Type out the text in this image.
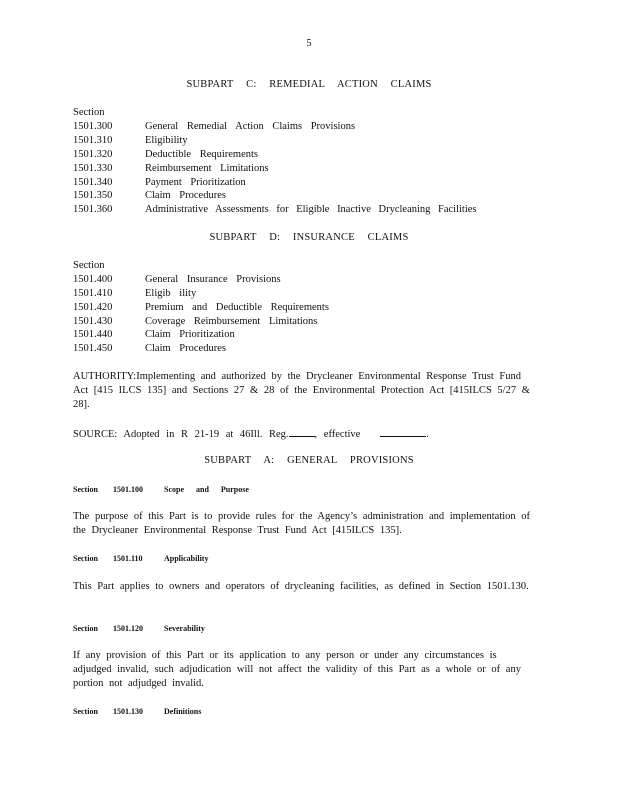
5
SUBPART C: REMEDIAL ACTION CLAIMS
Section
1501.300	General Remedial Action Claims Provisions
1501.310	Eligibility
1501.320	Deductible Requirements
1501.330	Reimbursement Limitations
1501.340	Payment Prioritization
1501.350	Claim Procedures
1501.360	Administrative Assessments for Eligible Inactive Drycleaning Facilities
SUBPART D: INSURANCE CLAIMS
Section
1501.400	General Insurance Provisions
1501.410	Eligib ility
1501.420	Premium and Deductible Requirements
1501.430	Coverage Reimbursement Limitations
1501.440	Claim Prioritization
1501.450	Claim Procedures
AUTHORITY:Implementing and authorized by the Drycleaner Environmental Response Trust Fund Act [415 ILCS 135] and Sections 27 & 28 of the Environmental Protection Act [415ILCS 5/27 & 28].
SOURCE: Adopted in R 21-19 at 46Ill. Reg. , effective	.
SUBPART A: GENERAL PROVISIONS
Section 1501.100	Scope and Purpose
The purpose of this Part is to provide rules for the Agency’s administration and implementation of the Drycleaner Environmental Response Trust Fund Act [415ILCS 135].
Section 1501.110	Applicability
This Part applies to owners and operators of drycleaning facilities, as defined in Section 1501.130.
Section 1501.120	Severability
If any provision of this Part or its application to any person or under any circumstances is adjudged invalid, such adjudication will not affect the validity of this Part as a whole or of any portion not adjudged invalid.
Section 1501.130	Definitions
